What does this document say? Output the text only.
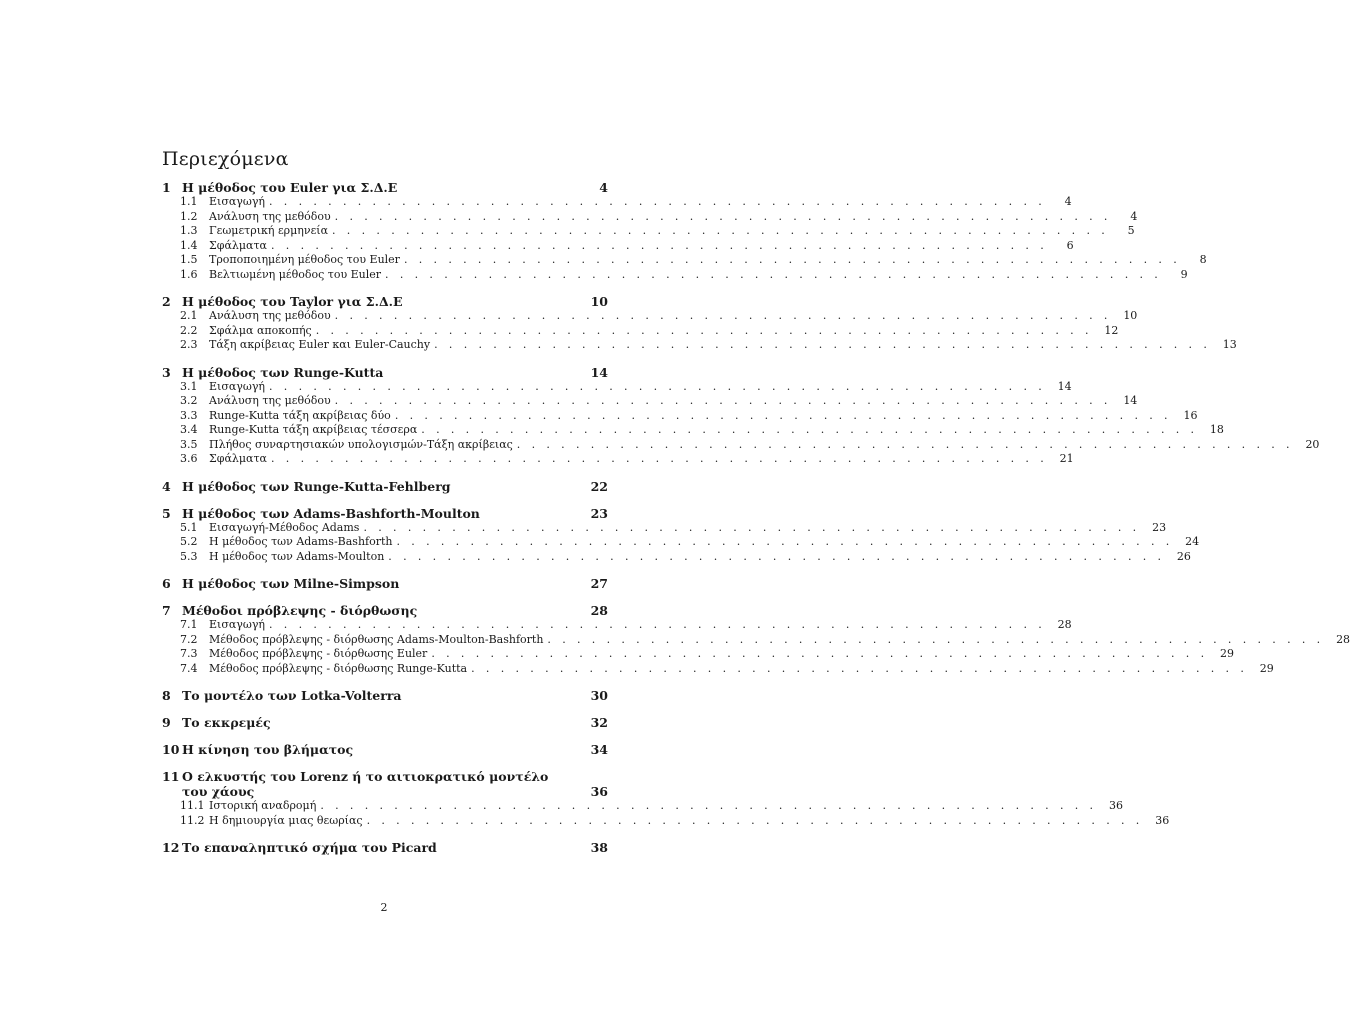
Περιεχόμενα
1 Η μέθοδος του Euler για Σ.Δ.Ε	4
1.1	Εισαγωγή . . . . . . . . . . . . . . . . . . . . . . . . . . . . . . . . . . . . . . . . . . . . . . . . . . . . .	4
1.2	Ανάλυση της μεθόδου . . . . . . . . . . . . . . . . . . . . . . . . . . . . . . . . . . . . . . . . . . . . . . . . . . . . .	4
1.3	Γεωμετρική ερμηνεία . . . . . . . . . . . . . . . . . . . . . . . . . . . . . . . . . . . . . . . . . . . . . . . . . . . . .	5
1.4	Σφάλματα . . . . . . . . . . . . . . . . . . . . . . . . . . . . . . . . . . . . . . . . . . . . . . . . . . . . .	6
1.5	Τροποποιημένη μέθοδος του Euler . . . . . . . . . . . . . . . . . . . . . . . . . . . . . . . . . . . . . . . . . . . . . . . . . . . . .	8
1.6	Βελτιωμένη μέθοδος του Euler . . . . . . . . . . . . . . . . . . . . . . . . . . . . . . . . . . . . . . . . . . . . . . . . . . . . .	9
2 Η μέθοδος του Taylor για Σ.Δ.Ε	10
2.1	Ανάλυση της μεθόδου . . . . . . . . . . . . . . . . . . . . . . . . . . . . . . . . . . . . . . . . . . . . . . . . . . . . .	10
2.2	Σφάλμα αποκοπής . . . . . . . . . . . . . . . . . . . . . . . . . . . . . . . . . . . . . . . . . . . . . . . . . . . . .	12
2.3	Τάξη ακρίβειας Euler και Euler-Cauchy . . . . . . . . . . . . . . . . . . . . . . . . . . . . . . . . . . . . . . . . . . . . . . . . . . . . .	13
3 Η μέθοδος των Runge-Kutta	14
3.1	Εισαγωγή . . . . . . . . . . . . . . . . . . . . . . . . . . . . . . . . . . . . . . . . . . . . . . . . . . . . .	14
3.2	Ανάλυση της μεθόδου . . . . . . . . . . . . . . . . . . . . . . . . . . . . . . . . . . . . . . . . . . . . . . . . . . . . .	14
3.3	Runge-Kutta τάξη ακρίβειας δύο . . . . . . . . . . . . . . . . . . . . . . . . . . . . . . . . . . . . . . . . . . . . . . . . . . . . .	16
3.4	Runge-Kutta τάξη ακρίβειας τέσσερα . . . . . . . . . . . . . . . . . . . . . . . . . . . . . . . . . . . . . . . . . . . . . . . . . . . . .	18
3.5	Πλήθος συναρτησιακών υπολογισμών-Τάξη ακρίβειας . . . . . . . . . . . . . . . . . . . . . . . . . . . . . . . . . . . . . . . . . . . . . . . . . . . . .	20
3.6	Σφάλματα . . . . . . . . . . . . . . . . . . . . . . . . . . . . . . . . . . . . . . . . . . . . . . . . . . . . .	21
4 Η μέθοδος των Runge-Kutta-Fehlberg	22
5 Η μέθοδος των Adams-Bashforth-Moulton	23
5.1	Εισαγωγή-Μέθοδος Adams . . . . . . . . . . . . . . . . . . . . . . . . . . . . . . . . . . . . . . . . . . . . . . . . . . . . .	23
5.2	Η μέθοδος των Adams-Bashforth . . . . . . . . . . . . . . . . . . . . . . . . . . . . . . . . . . . . . . . . . . . . . . . . . . . . .	24
5.3	Η μέθοδος των Adams-Moulton . . . . . . . . . . . . . . . . . . . . . . . . . . . . . . . . . . . . . . . . . . . . . . . . . . . . .	26
6 Η μέθοδος των Milne-Simpson	27
7 Μέθοδοι πρόβλεψης - διόρθωσης	28
7.1	Εισαγωγή . . . . . . . . . . . . . . . . . . . . . . . . . . . . . . . . . . . . . . . . . . . . . . . . . . . . .	28
7.2	Μέθοδος πρόβλεψης - διόρθωσης Adams-Moulton-Bashforth . . . . . . . . . . . . . . . . . . . . . . . . . . . . . . . . . . . . . . . . . . . . . . . . . . . . .	28
7.3	Μέθοδος πρόβλεψης - διόρθωσης Euler . . . . . . . . . . . . . . . . . . . . . . . . . . . . . . . . . . . . . . . . . . . . . . . . . . . . .	29
7.4	Μέθοδος πρόβλεψης - διόρθωσης Runge-Kutta . . . . . . . . . . . . . . . . . . . . . . . . . . . . . . . . . . . . . . . . . . . . . . . . . . . . .	29
8 Το μοντέλο των Lotka-Volterra	30
9 Το εκκρεμές	32
10 Η κίνηση του βλήματος	34
11 Ο ελκυστής του Lorenz ή το αιτιοκρατικό μοντέλο του χάους	36
11.1 Ιστορική αναδρομή . . . . . . . . . . . . . . . . . . . . . . . . . . . . . . . . . . . . . . . . . . . . . . . . . . . . .	36
11.2 Η δημιουργία μιας θεωρίας . . . . . . . . . . . . . . . . . . . . . . . . . . . . . . . . . . . . . . . . . . . . . . . . . . . . .	36
12 Το επαναληπτικό σχήμα του Picard	38
2
